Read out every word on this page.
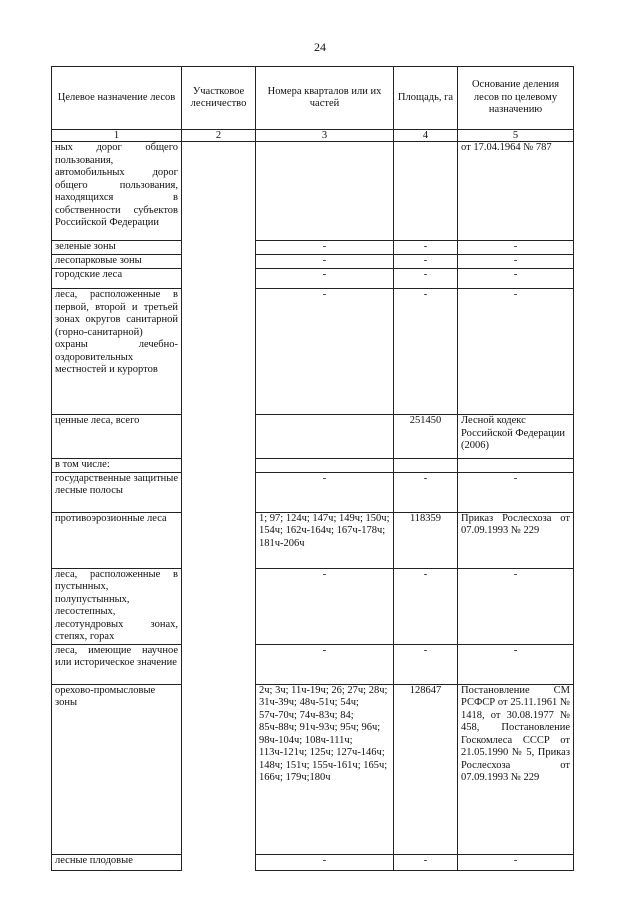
24
Целевое назначение лесов	Участковое лесничество	Номера кварталов или их частей	Площадь, га	Основание деления лесов по целевому назначению
1	2	3	4	5
ных дорог общего пользования, автомобильных дорог общего пользования, находящихся в собственности субъектов Российской Федерации				от 17.04.1964 № 787
зеленые зоны		-	-	-
лесопарковые зоны		-	-	-
городские леса		-	-	-
леса, расположенные в первой, второй и третьей зонах округов санитарной (горно-санитарной) охраны лечебно-оздоровительных местностей и курортов		-	-	-
ценные леса, всего			251450	Лесной кодекс Российской Федерации (2006)
в том числе:				
государственные защитные лесные полосы		-	-	-
противоэрозионные леса		1; 97; 124ч; 147ч; 149ч; 150ч; 154ч; 162ч-164ч; 167ч-178ч; 181ч-206ч	118359	Приказ Рослесхоза от 07.09.1993 № 229
леса, расположенные в пустынных, полупустынных, лесостепных, лесотундровых зонах, степях, горах		-	-	-
леса, имеющие научное или историческое значение		-	-	-
орехово-промысловые зоны		2ч; 3ч; 11ч-19ч; 26; 27ч; 28ч; 31ч-39ч; 48ч-51ч; 54ч; 57ч-70ч; 74ч-83ч; 84; 85ч-88ч; 91ч-93ч; 95ч; 96ч; 98ч-104ч; 108ч-111ч; 113ч-121ч; 125ч; 127ч-146ч; 148ч; 151ч; 155ч-161ч; 165ч; 166ч; 179ч;180ч	128647	Постановление СМ РСФСР от 25.11.1961 № 1418, от 30.08.1977 № 458, Постановление Госкомлеса СССР от 21.05.1990 № 5, Приказ Рослесхоза от 07.09.1993 № 229
лесные плодовые		-	-	-
